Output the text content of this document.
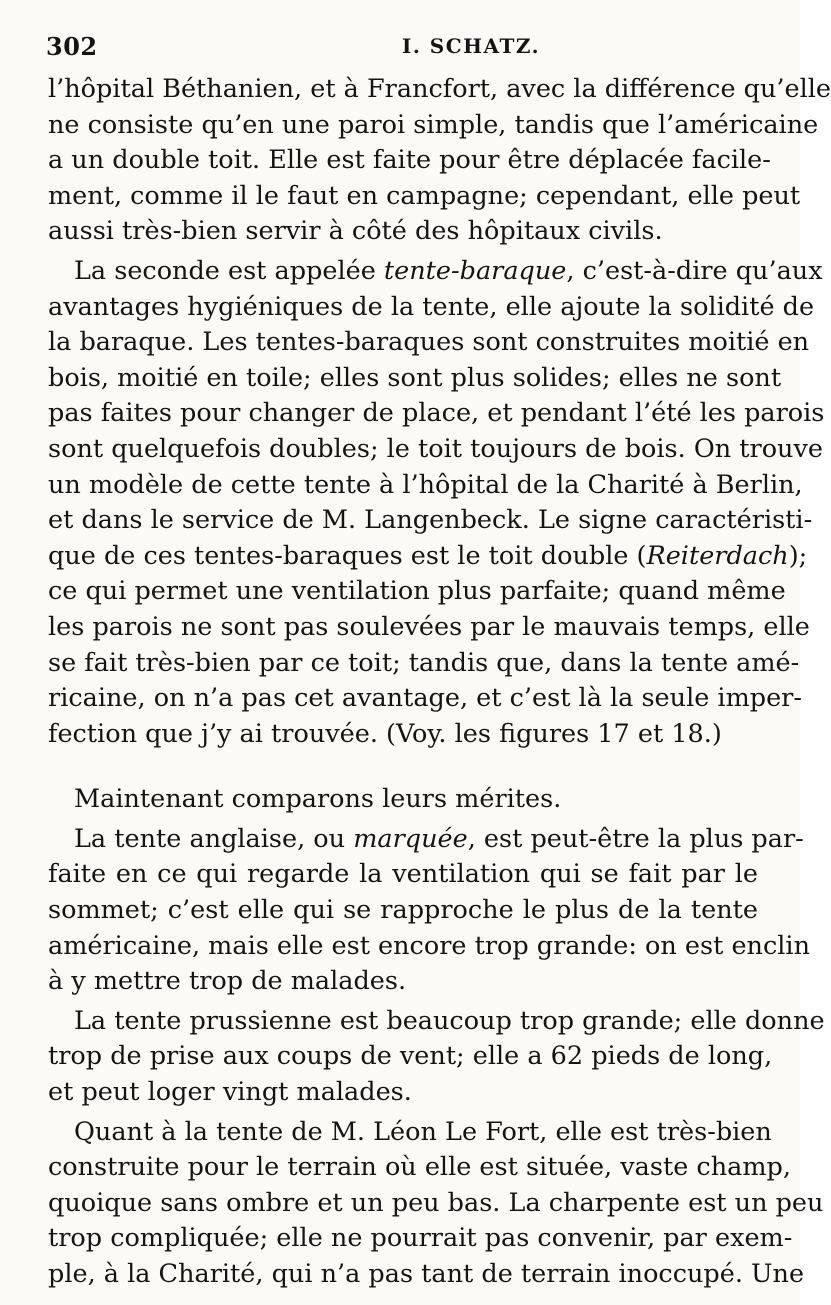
302	I. SCHATZ.
l’hôpital Béthanien, et à Francfort, avec la différence qu’elle
ne consiste qu’en une paroi simple, tandis que l’américaine
a un double toit. Elle est faite pour être déplacée facile-
ment, comme il le faut en campagne; cependant, elle peut
aussi très-bien servir à côté des hôpitaux civils.
La seconde est appelée tente-baraque, c’est-à-dire qu’aux
avantages hygiéniques de la tente, elle ajoute la solidité de
la baraque. Les tentes-baraques sont construites moitié en
bois, moitié en toile; elles sont plus solides; elles ne sont
pas faites pour changer de place, et pendant l’été les parois
sont quelquefois doubles; le toit toujours de bois. On trouve
un modèle de cette tente à l’hôpital de la Charité à Berlin,
et dans le service de M. Langenbeck. Le signe caractéristi-
que de ces tentes-baraques est le toit double (Reiterdach);
ce qui permet une ventilation plus parfaite; quand même
les parois ne sont pas soulevées par le mauvais temps, elle
se fait très-bien par ce toit; tandis que, dans la tente amé-
ricaine, on n’a pas cet avantage, et c’est là la seule imper-
fection que j’y ai trouvée. (Voy. les figures 17 et 18.)
Maintenant comparons leurs mérites.
La tente anglaise, ou marquée, est peut-être la plus par-
faite en ce qui regarde la ventilation qui se fait par le
sommet; c’est elle qui se rapproche le plus de la tente
américaine, mais elle est encore trop grande: on est enclin
à y mettre trop de malades.
La tente prussienne est beaucoup trop grande; elle donne
trop de prise aux coups de vent; elle a 62 pieds de long,
et peut loger vingt malades.
Quant à la tente de M. Léon Le Fort, elle est très-bien
construite pour le terrain où elle est située, vaste champ,
quoique sans ombre et un peu bas. La charpente est un peu
trop compliquée; elle ne pourrait pas convenir, par exem-
ple, à la Charité, qui n’a pas tant de terrain inoccupé. Une
